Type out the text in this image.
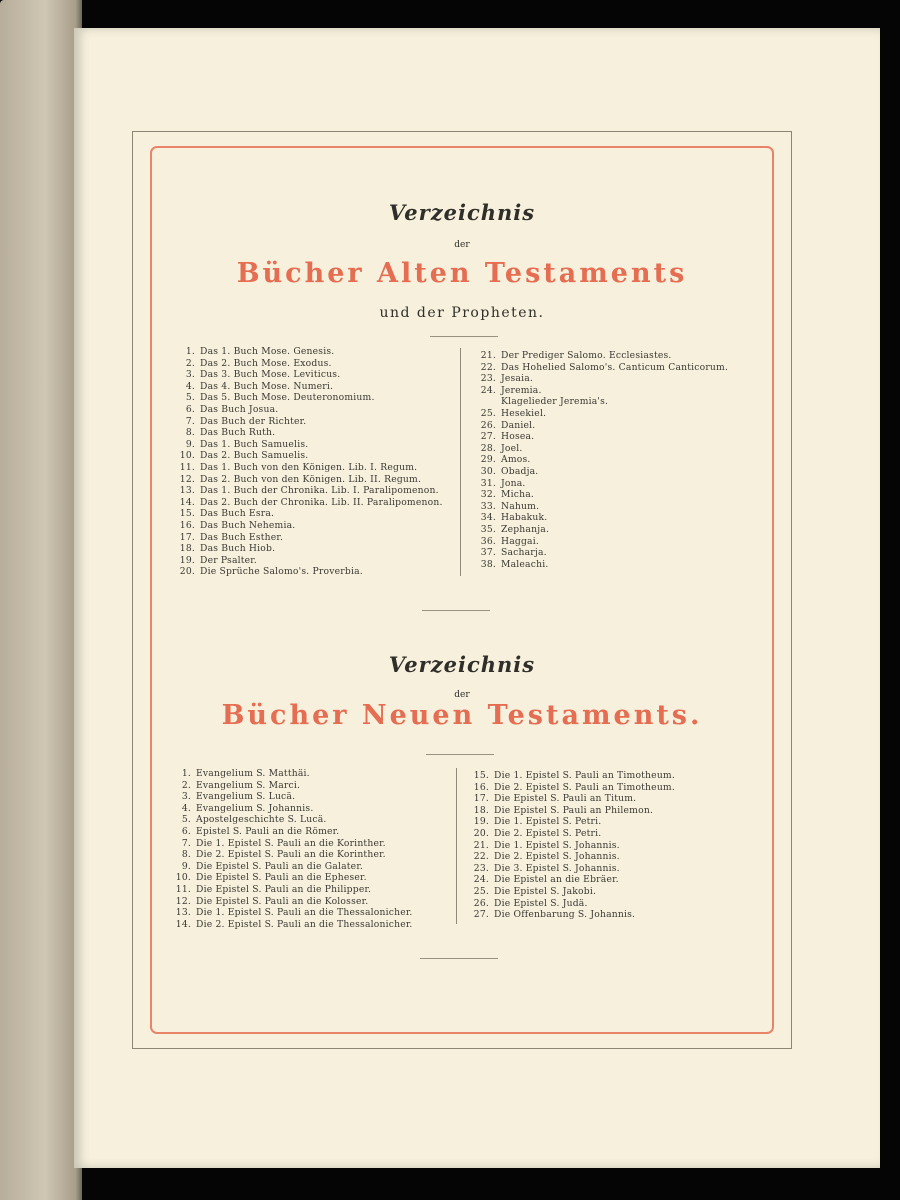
Verzeichnis
der
Bücher Alten Testaments
und der Propheten.
1. Das 1. Buch Mose. Genesis.
2. Das 2. Buch Mose. Exodus.
3. Das 3. Buch Mose. Leviticus.
4. Das 4. Buch Mose. Numeri.
5. Das 5. Buch Mose. Deuteronomium.
6. Das Buch Josua.
7. Das Buch der Richter.
8. Das Buch Ruth.
9. Das 1. Buch Samuelis.
10. Das 2. Buch Samuelis.
11. Das 1. Buch von den Königen. Lib. I. Regum.
12. Das 2. Buch von den Königen. Lib. II. Regum.
13. Das 1. Buch der Chronika. Lib. I. Paralipomenon.
14. Das 2. Buch der Chronika. Lib. II. Paralipomenon.
15. Das Buch Esra.
16. Das Buch Nehemia.
17. Das Buch Esther.
18. Das Buch Hiob.
19. Der Psalter.
20. Die Sprüche Salomo's. Proverbia.
21. Der Prediger Salomo. Ecclesiastes.
22. Das Hohelied Salomo's. Canticum Canticorum.
23. Jesaia.
24. Jeremia.
Klagelieder Jeremia's.
25. Hesekiel.
26. Daniel.
27. Hosea.
28. Joel.
29. Amos.
30. Obadja.
31. Jona.
32. Micha.
33. Nahum.
34. Habakuk.
35. Zephanja.
36. Haggai.
37. Sacharja.
38. Maleachi.
Verzeichnis
der
Bücher Neuen Testaments.
1. Evangelium S. Matthäi.
2. Evangelium S. Marci.
3. Evangelium S. Lucä.
4. Evangelium S. Johannis.
5. Apostelgeschichte S. Lucä.
6. Epistel S. Pauli an die Römer.
7. Die 1. Epistel S. Pauli an die Korinther.
8. Die 2. Epistel S. Pauli an die Korinther.
9. Die Epistel S. Pauli an die Galater.
10. Die Epistel S. Pauli an die Epheser.
11. Die Epistel S. Pauli an die Philipper.
12. Die Epistel S. Pauli an die Kolosser.
13. Die 1. Epistel S. Pauli an die Thessalonicher.
14. Die 2. Epistel S. Pauli an die Thessalonicher.
15. Die 1. Epistel S. Pauli an Timotheum.
16. Die 2. Epistel S. Pauli an Timotheum.
17. Die Epistel S. Pauli an Titum.
18. Die Epistel S. Pauli an Philemon.
19. Die 1. Epistel S. Petri.
20. Die 2. Epistel S. Petri.
21. Die 1. Epistel S. Johannis.
22. Die 2. Epistel S. Johannis.
23. Die 3. Epistel S. Johannis.
24. Die Epistel an die Ebräer.
25. Die Epistel S. Jakobi.
26. Die Epistel S. Judä.
27. Die Offenbarung S. Johannis.
